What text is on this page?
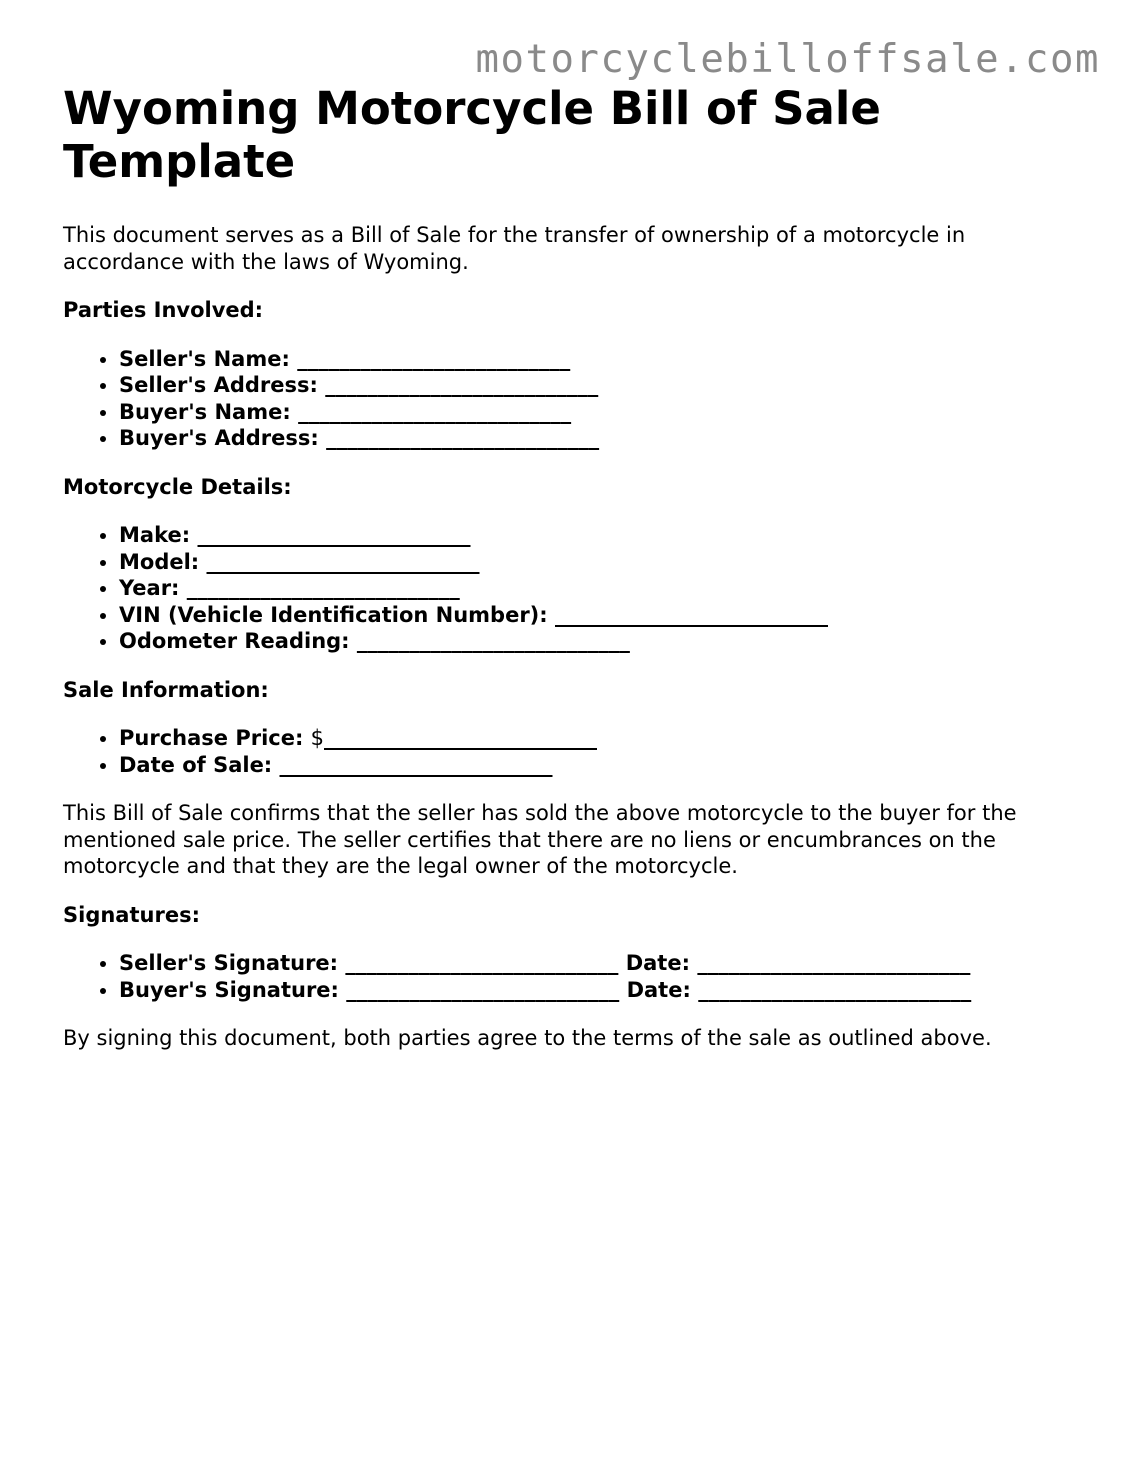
motorcyclebilloffsale.com
Wyoming Motorcycle Bill of Sale Template

This document serves as a Bill of Sale for the transfer of ownership of a motorcycle in accordance with the laws of Wyoming.

Parties Involved:
• Seller's Name: __________________________
• Seller's Address: __________________________
• Buyer's Name: __________________________
• Buyer's Address: __________________________
Motorcycle Details:
• Make: __________________________
• Model: __________________________
• Year: __________________________
• VIN (Vehicle Identification Number): __________________________
• Odometer Reading: __________________________
Sale Information:
• Purchase Price: $__________________________
• Date of Sale: __________________________

This Bill of Sale confirms that the seller has sold the above motorcycle to the buyer for the mentioned sale price. The seller certifies that there are no liens or encumbrances on the motorcycle and that they are the legal owner of the motorcycle.

Signatures:
• Seller's Signature: __________________________ Date: __________________________
• Buyer's Signature: __________________________ Date: __________________________

By signing this document, both parties agree to the terms of the sale as outlined above.
